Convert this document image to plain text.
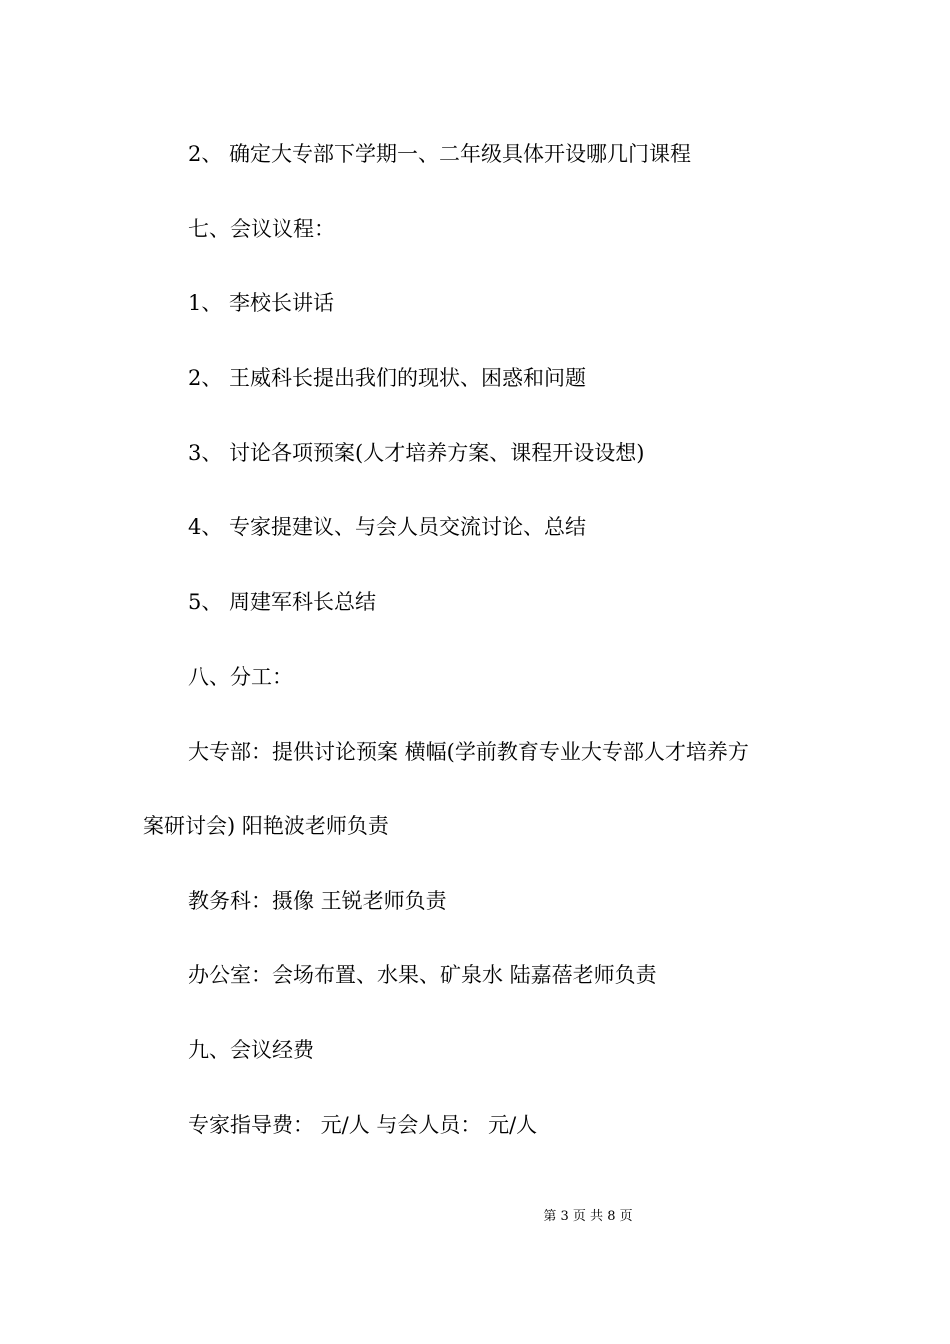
2、 确定大专部下学期一、二年级具体开设哪几门课程
七、会议议程：
1、 李校长讲话
2、 王威科长提出我们的现状、困惑和问题
3、 讨论各项预案(人才培养方案、课程开设设想)
4、 专家提建议、与会人员交流讨论、总结
5、 周建军科长总结
八、分工：
大专部：提供讨论预案 横幅(学前教育专业大专部人才培养方
案研讨会) 阳艳波老师负责
教务科：摄像 王锐老师负责
办公室：会场布置、水果、矿泉水 陆嘉蓓老师负责
九、会议经费
专家指导费： 元/人 与会人员： 元/人
第 3 页 共 8 页
